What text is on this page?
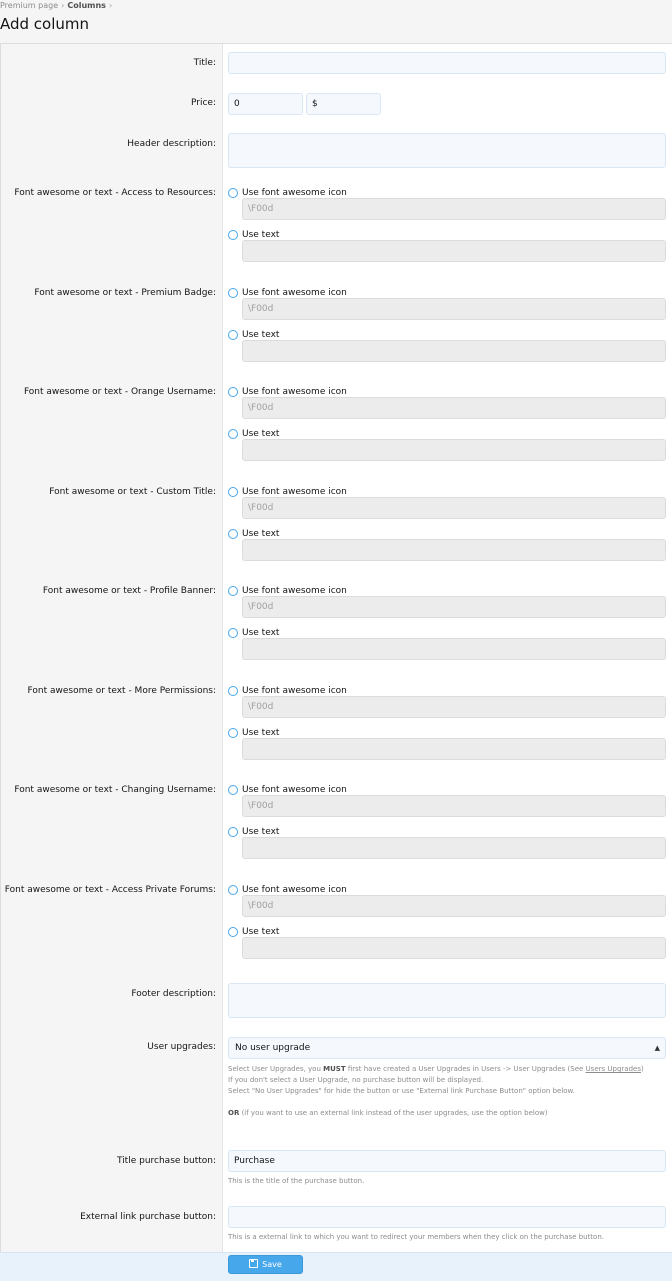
Premium page › Columns ›
Add column
Title:
Price:	0	$
Header description:
Font awesome or text - Access to Resources:	Use font awesome icon
\F00d
Use text
Font awesome or text - Premium Badge:	Use font awesome icon
\F00d
Use text
Font awesome or text - Orange Username:	Use font awesome icon
\F00d
Use text
Font awesome or text - Custom Title:	Use font awesome icon
\F00d
Use text
Font awesome or text - Profile Banner:	Use font awesome icon
\F00d
Use text
Font awesome or text - More Permissions:	Use font awesome icon
\F00d
Use text
Font awesome or text - Changing Username:	Use font awesome icon
\F00d
Use text
Font awesome or text - Access Private Forums:	Use font awesome icon
\F00d
Use text
Footer description:
User upgrades:	No user upgrade	▲

Select User Upgrades, you MUST first have created a User Upgrades in Users -> User Upgrades (See Users Upgrades)
If you don't select a User Upgrade, no purchase button will be displayed.
Select "No User Upgrades" for hide the button or use "External link Purchase Button" option below.
OR (if you want to use an external link instead of the user upgrades, use the option below)
Title purchase button:	Purchase
This is the title of the purchase button.
External link purchase button:
This is a external link to which you want to redirect your members when they click on the purchase button.
Save
